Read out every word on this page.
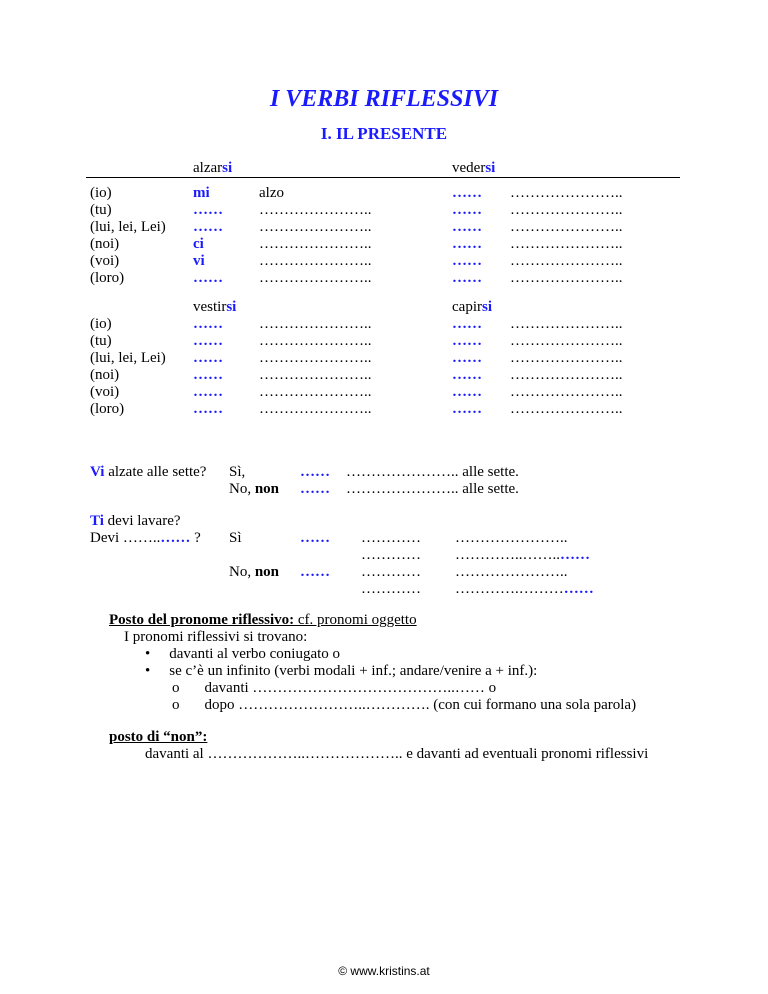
I VERBI RIFLESSIVI
I. IL PRESENTE
alzarsi	vedersi
(io)
(tu)
(lui, lei, Lei)
(noi)
(voi)
(loro)
mi
……
……
ci
vi
……
alzo
…………………..
…………………..
…………………..
…………………..
…………………..
……
……
……
……
……
……
…………………..
…………………..
…………………..
…………………..
…………………..
…………………..
vestirsi	capirsi
(io)
(tu)
(lui, lei, Lei)
(noi)
(voi)
(loro)
……
……
……
……
……
……
…………………..
…………………..
…………………..
…………………..
…………………..
…………………..
……
……
……
……
……
……
…………………..
…………………..
…………………..
…………………..
…………………..
…………………..
Vi alzate alle sette? Sì,
No, non
……
……
………………….. alle sette.
………………….. alle sette.
Ti devi lavare?
Devi ……..…… ? Sì
No, non
……
……
…………
…………
…………
…………
…………………..
…………..……..……
…………………..
………….……………
Posto del pronome riflessivo: cf. pronomi oggetto
I pronomi riflessivi si trovano:
• davanti al verbo coniugato o
• se c’è un infinito (verbi modali + inf.; andare/venire a + inf.):
o davanti …………………………………..…… o
o dopo ……………………..…………. (con cui formano una sola parola)
posto di “non”:
davanti al ………………..……………….. e davanti ad eventuali pronomi riflessivi
© www.kristins.at
